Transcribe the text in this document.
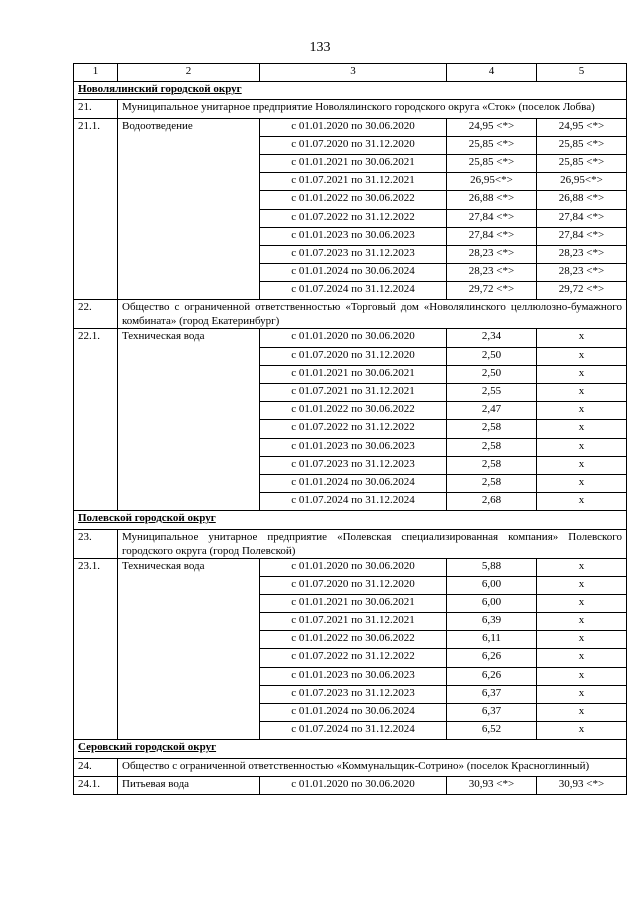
133
1	2	3	4	5
Новолялинский городской округ				
21.	Муниципальное унитарное предприятие Новолялинского городского округа «Сток» (поселок Лобва)			
21.1.	Водоотведение	с 01.01.2020 по 30.06.2020	24,95 <*>	24,95 <*>
		с 01.07.2020 по 31.12.2020	25,85 <*>	25,85 <*>
		с 01.01.2021 по 30.06.2021	25,85 <*>	25,85 <*>
		с 01.07.2021 по 31.12.2021	26,95<*>	26,95<*>
		с 01.01.2022 по 30.06.2022	26,88 <*>	26,88 <*>
		с 01.07.2022 по 31.12.2022	27,84 <*>	27,84 <*>
		с 01.01.2023 по 30.06.2023	27,84 <*>	27,84 <*>
		с 01.07.2023 по 31.12.2023	28,23 <*>	28,23 <*>
		с 01.01.2024 по 30.06.2024	28,23 <*>	28,23 <*>
		с 01.07.2024 по 31.12.2024	29,72 <*>	29,72 <*>
22.	Общество с ограниченной ответственностью «Торговый дом «Новолялинского целлюлозно-бумажного комбината» (город Екатеринбург)			
22.1.	Техническая вода	с 01.01.2020 по 30.06.2020	2,34	x
		с 01.07.2020 по 31.12.2020	2,50	x
		с 01.01.2021 по 30.06.2021	2,50	x
		с 01.07.2021 по 31.12.2021	2,55	x
		с 01.01.2022 по 30.06.2022	2,47	x
		с 01.07.2022 по 31.12.2022	2,58	x
		с 01.01.2023 по 30.06.2023	2,58	x
		с 01.07.2023 по 31.12.2023	2,58	x
		с 01.01.2024 по 30.06.2024	2,58	x
		с 01.07.2024 по 31.12.2024	2,68	x
Полевской городской округ				
23.	Муниципальное унитарное предприятие «Полевская специализированная компания» Полевского городского округа (город Полевской)			
23.1.	Техническая вода	с 01.01.2020 по 30.06.2020	5,88	x
		с 01.07.2020 по 31.12.2020	6,00	x
		с 01.01.2021 по 30.06.2021	6,00	x
		с 01.07.2021 по 31.12.2021	6,39	x
		с 01.01.2022 по 30.06.2022	6,11	x
		с 01.07.2022 по 31.12.2022	6,26	x
		с 01.01.2023 по 30.06.2023	6,26	x
		с 01.07.2023 по 31.12.2023	6,37	x
		с 01.01.2024 по 30.06.2024	6,37	x
		с 01.07.2024 по 31.12.2024	6,52	x
Серовский городской округ				
24.	Общество с ограниченной ответственностью «Коммунальщик-Сотрино» (поселок Красноглинный)			
24.1.	Питьевая вода	с 01.01.2020 по 30.06.2020	30,93 <*>	30,93 <*>
